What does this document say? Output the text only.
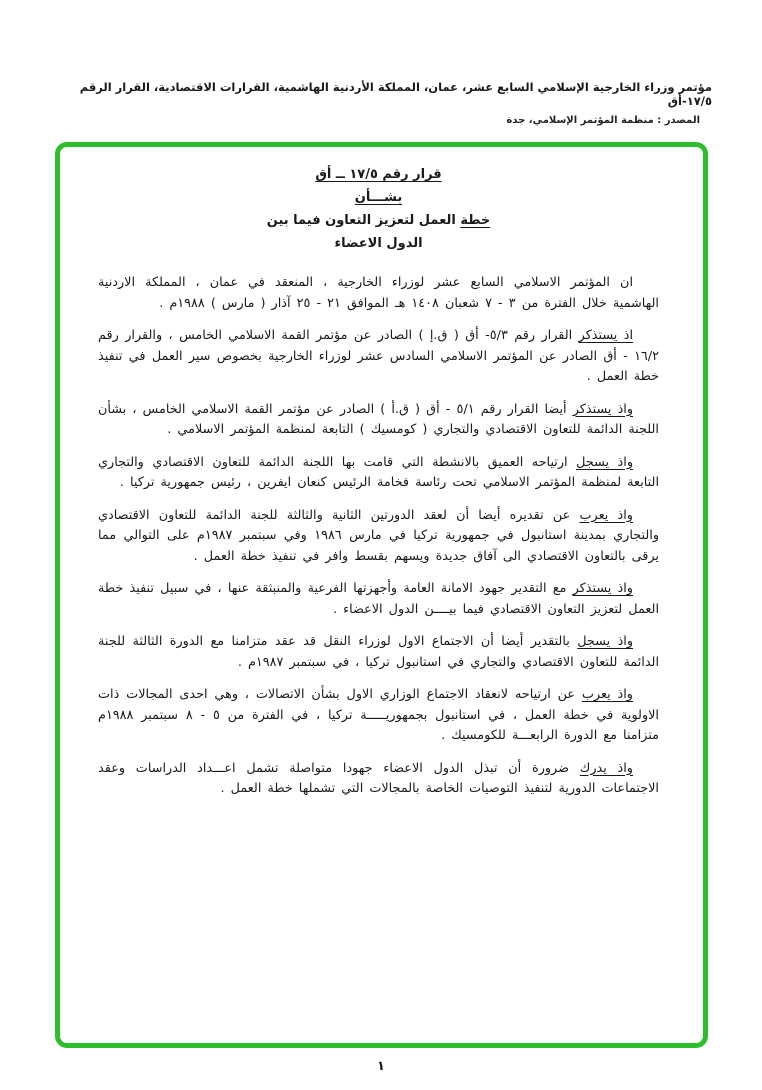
مؤتمر وزراء الخارجية الإسلامي السابع عشر، عمان، المملكة الأردنية الهاشمية، القرارات الاقتصادية، القرار الرقم ١٧/٥-أق
المصدر : منظمة المؤتمر الإسلامي، جدة
قرار رقم ١٧/٥ ــ أق
بشـــأن
خطة العمل لتعزيز التعاون فيما بين
الدول الاعضاء
ان المؤتمر الاسلامي السابع عشر لوزراء الخارجية ، المنعقد في عمان ، المملكة الاردنية الهاشمية خلال الفترة من ٣ - ٧ شعبان ١٤٠٨ هـ الموافق ٢١ - ٢٥ آذار ( مارس ) ١٩٨٨م .
اذ يستذكر القرار رقم ٥/٣- أق ( ق.إ ) الصادر عن مؤتمر القمة الاسلامي الخامس ، والقرار رقم ١٦/٢ - أق الصادر عن المؤتمر الاسلامي السادس عشر لوزراء الخارجية بخصوص سير العمل في تنفيذ خطة العمل .
واذ يستذكر أيضا القرار رقم ٥/١ - أق ( ق.أ ) الصادر عن مؤتمر القمة الاسلامي الخامس ، بشأن اللجنة الدائمة للتعاون الاقتصادي والتجاري ( كومسيك ) التابعة لمنظمة المؤتمر الاسلامي .
واذ يسجل ارتياحه العميق بالانشطة التي قامت بها اللجنة الدائمة للتعاون الاقتصادي والتجاري التابعة لمنظمة المؤتمر الاسلامي تحت رئاسة فخامة الرئيس كنعان ايفرين ، رئيس جمهورية تركيا .
واذ يعرب عن تقديره أيضا أن لعقد الدورتين الثانية والثالثة للجنة الدائمة للتعاون الاقتصادي والتجاري بمدينة استانبول في جمهورية تركيا في مارس ١٩٨٦ وفي سبتمبر ١٩٨٧م على التوالي مما يرقى بالتعاون الاقتصادي الى آفاق جديدة ويسهم بقسط وافر في تنفيذ خطة العمل .
واذ يستذكر مع التقدير جهود الامانة العامة وأجهزتها الفرعية والمنبثقة عنها ، في سبيل تنفيذ خطة العمل لتعزيز التعاون الاقتصادي فيما بيــــن الدول الاعضاء .
واذ يسجل بالتقدير أيضا أن الاجتماع الاول لوزراء النقل قد عقد متزامنا مع الدورة الثالثة للجنة الدائمة للتعاون الاقتصادي والتجاري في استانبول تركيا ، في سبتمبر ١٩٨٧م .
واذ يعرب عن ارتياحه لانعقاد الاجتماع الوزاري الاول بشأن الاتصالات ، وهي احدى المجالات ذات الاولوية في خطة العمل ، في استانبول بجمهوريـــــة تركيا ، في الفترة من ٥ - ٨ سبتمبر ١٩٨٨م متزامنا مع الدورة الرابعـــة للكومسيك .
واذ يدرك ضرورة أن تبذل الدول الاعضاء جهودا متواصلة تشمل اعـــداد الدراسات وعقد الاجتماعات الدورية لتنفيذ التوصيات الخاصة بالمجالات التي تشملها خطة العمل .
١
